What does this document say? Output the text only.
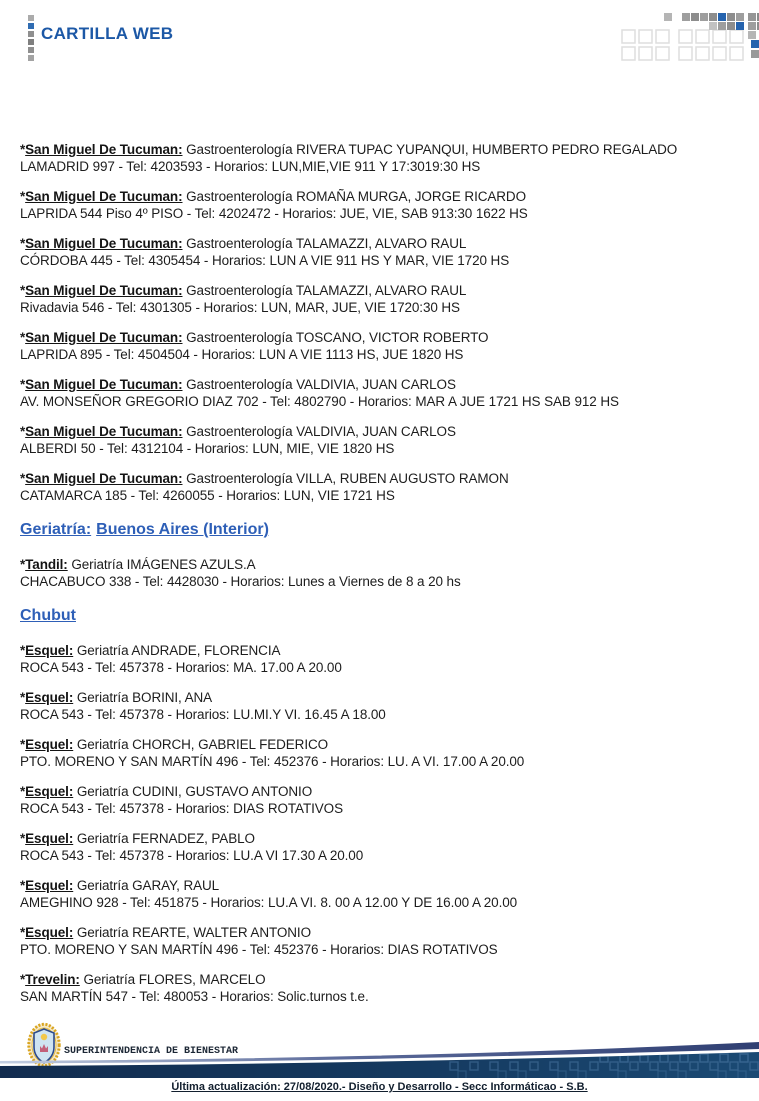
CARTILLA WEB
*San Miguel De Tucuman: Gastroenterología RIVERA TUPAC YUPANQUI, HUMBERTO PEDRO REGALADO
LAMADRID 997 - Tel: 4203593 - Horarios: LUN,MIE,VIE 911 Y 17:3019:30 HS
*San Miguel De Tucuman: Gastroenterología ROMAÑA MURGA, JORGE RICARDO
LAPRIDA 544 Piso 4º PISO - Tel: 4202472 - Horarios: JUE, VIE, SAB 913:30 1622 HS
*San Miguel De Tucuman: Gastroenterología TALAMAZZI, ALVARO RAUL
CÓRDOBA 445 - Tel: 4305454 - Horarios: LUN A VIE 911 HS Y MAR, VIE 1720 HS
*San Miguel De Tucuman: Gastroenterología TALAMAZZI, ALVARO RAUL
Rivadavia 546 - Tel: 4301305 - Horarios: LUN, MAR, JUE, VIE 1720:30 HS
*San Miguel De Tucuman: Gastroenterología TOSCANO, VICTOR ROBERTO
LAPRIDA 895 - Tel: 4504504 - Horarios: LUN A VIE 1113 HS, JUE 1820 HS
*San Miguel De Tucuman: Gastroenterología VALDIVIA, JUAN CARLOS
AV. MONSEÑOR GREGORIO DIAZ 702 - Tel: 4802790 - Horarios: MAR A JUE 1721 HS SAB 912 HS
*San Miguel De Tucuman: Gastroenterología VALDIVIA, JUAN CARLOS
ALBERDI 50 - Tel: 4312104 - Horarios: LUN, MIE, VIE 1820 HS
*San Miguel De Tucuman: Gastroenterología VILLA, RUBEN AUGUSTO RAMON
CATAMARCA 185 - Tel: 4260055 - Horarios: LUN, VIE 1721 HS
Geriatría: Buenos Aires (Interior)
*Tandil: Geriatría IMÁGENES AZULS.A
CHACABUCO 338 - Tel: 4428030 - Horarios: Lunes a Viernes de 8 a 20 hs
Chubut
*Esquel: Geriatría ANDRADE, FLORENCIA
ROCA 543 - Tel: 457378 - Horarios: MA. 17.00 A 20.00
*Esquel: Geriatría BORINI, ANA
ROCA 543 - Tel: 457378 - Horarios: LU.MI.Y VI. 16.45 A 18.00
*Esquel: Geriatría CHORCH, GABRIEL FEDERICO
PTO. MORENO Y SAN MARTÍN 496 - Tel: 452376 - Horarios: LU. A VI. 17.00 A 20.00
*Esquel: Geriatría CUDINI, GUSTAVO ANTONIO
ROCA 543 - Tel: 457378 - Horarios: DIAS ROTATIVOS
*Esquel: Geriatría FERNADEZ, PABLO
ROCA 543 - Tel: 457378 - Horarios: LU.A VI 17.30 A 20.00
*Esquel: Geriatría GARAY, RAUL
AMEGHINO 928 - Tel: 451875 - Horarios: LU.A VI. 8. 00 A 12.00 Y DE 16.00 A 20.00
*Esquel: Geriatría REARTE, WALTER ANTONIO
PTO. MORENO Y SAN MARTÍN 496 - Tel: 452376 - Horarios: DIAS ROTATIVOS
*Trevelin: Geriatría FLORES, MARCELO
SAN MARTÍN 547 - Tel: 480053 - Horarios: Solic.turnos t.e.
SUPERINTENDENCIA DE BIENESTAR
Última actualización: 27/08/2020.- Diseño y Desarrollo - Secc Informáticao - S.B.
